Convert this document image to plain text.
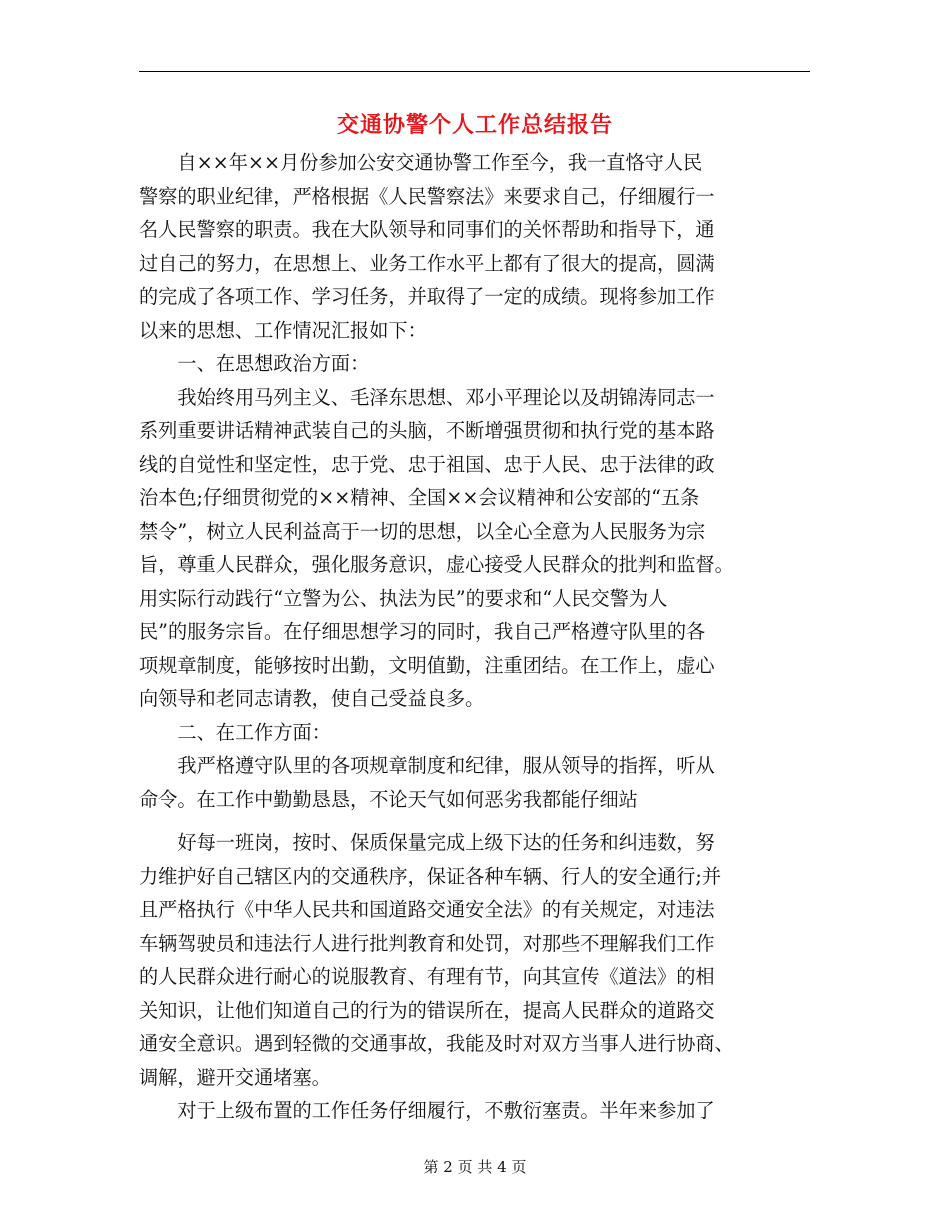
交通协警个人工作总结报告

自××年××月份参加公安交通协警工作至今，我一直恪守人民

警察的职业纪律，严格根据《人民警察法》来要求自己，仔细履行一

名人民警察的职责。我在大队领导和同事们的关怀帮助和指导下，通

过自己的努力，在思想上、业务工作水平上都有了很大的提高，圆满

的完成了各项工作、学习任务，并取得了一定的成绩。现将参加工作

以来的思想、工作情况汇报如下：

一、在思想政治方面：

我始终用马列主义、毛泽东思想、邓小平理论以及胡锦涛同志一

系列重要讲话精神武装自己的头脑，不断增强贯彻和执行党的基本路

线的自觉性和坚定性，忠于党、忠于祖国、忠于人民、忠于法律的政

治本色;仔细贯彻党的××精神、全国××会议精神和公安部的“五条

禁令”，树立人民利益高于一切的思想，以全心全意为人民服务为宗

旨，尊重人民群众，强化服务意识，虚心接受人民群众的批判和监督。

用实际行动践行“立警为公、执法为民”的要求和“人民交警为人

民”的服务宗旨。在仔细思想学习的同时，我自己严格遵守队里的各

项规章制度，能够按时出勤，文明值勤，注重团结。在工作上，虚心

向领导和老同志请教，使自己受益良多。

二、在工作方面：

我严格遵守队里的各项规章制度和纪律，服从领导的指挥，听从

命令。在工作中勤勤恳恳，不论天气如何恶劣我都能仔细站

好每一班岗，按时、保质保量完成上级下达的任务和纠违数，努

力维护好自己辖区内的交通秩序，保证各种车辆、行人的安全通行;并

且严格执行《中华人民共和国道路交通安全法》的有关规定，对违法

车辆驾驶员和违法行人进行批判教育和处罚，对那些不理解我们工作

的人民群众进行耐心的说服教育、有理有节，向其宣传《道法》的相

关知识，让他们知道自己的行为的错误所在，提高人民群众的道路交

通安全意识。遇到轻微的交通事故，我能及时对双方当事人进行协商、

调解，避开交通堵塞。

对于上级布置的工作任务仔细履行，不敷衍塞责。半年来参加了

第 2 页 共 4 页
